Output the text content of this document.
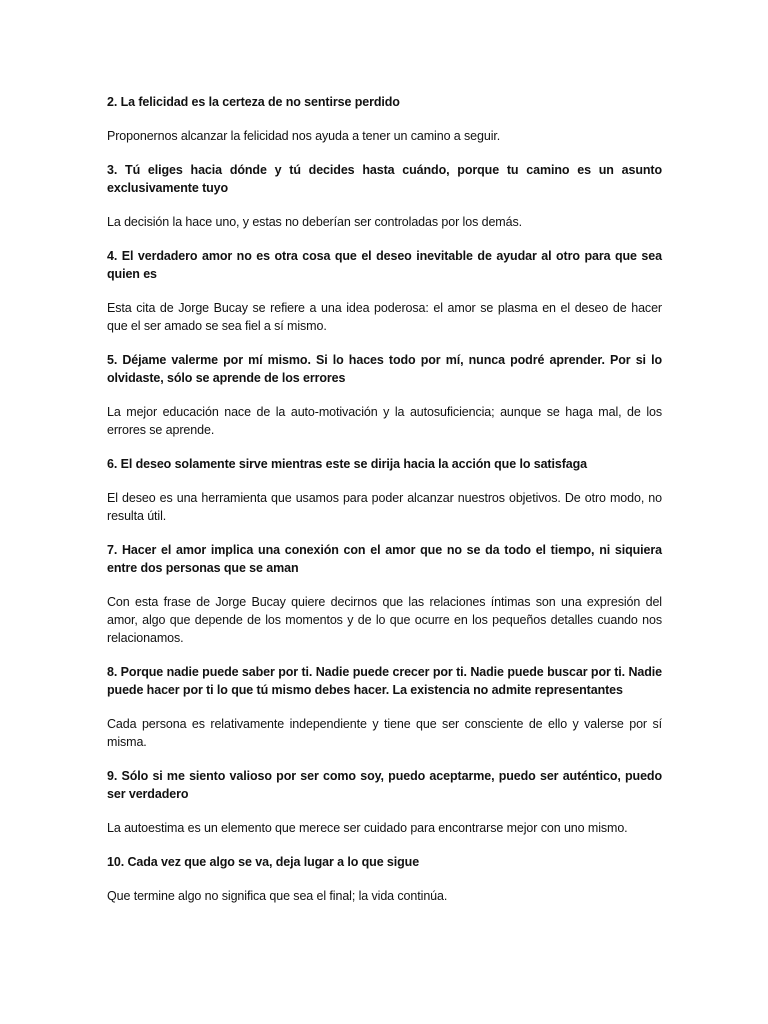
2. La felicidad es la certeza de no sentirse perdido

Proponernos alcanzar la felicidad nos ayuda a tener un camino a seguir.

3. Tú eliges hacia dónde y tú decides hasta cuándo, porque tu camino es un asunto exclusivamente tuyo

La decisión la hace uno, y estas no deberían ser controladas por los demás.

4. El verdadero amor no es otra cosa que el deseo inevitable de ayudar al otro para que sea quien es

Esta cita de Jorge Bucay se refiere a una idea poderosa: el amor se plasma en el deseo de hacer que el ser amado se sea fiel a sí mismo.

5. Déjame valerme por mí mismo. Si lo haces todo por mí, nunca podré aprender. Por si lo olvidaste, sólo se aprende de los errores

La mejor educación nace de la auto-motivación y la autosuficiencia; aunque se haga mal, de los errores se aprende.

6. El deseo solamente sirve mientras este se dirija hacia la acción que lo satisfaga

El deseo es una herramienta que usamos para poder alcanzar nuestros objetivos. De otro modo, no resulta útil.

7. Hacer el amor implica una conexión con el amor que no se da todo el tiempo, ni siquiera entre dos personas que se aman

Con esta frase de Jorge Bucay quiere decirnos que las relaciones íntimas son una expresión del amor, algo que depende de los momentos y de lo que ocurre en los pequeños detalles cuando nos relacionamos.

8. Porque nadie puede saber por ti. Nadie puede crecer por ti. Nadie puede buscar por ti. Nadie puede hacer por ti lo que tú mismo debes hacer. La existencia no admite representantes

Cada persona es relativamente independiente y tiene que ser consciente de ello y valerse por sí misma.

9. Sólo si me siento valioso por ser como soy, puedo aceptarme, puedo ser auténtico, puedo ser verdadero

La autoestima es un elemento que merece ser cuidado para encontrarse mejor con uno mismo.

10. Cada vez que algo se va, deja lugar a lo que sigue

Que termine algo no significa que sea el final; la vida continúa.
